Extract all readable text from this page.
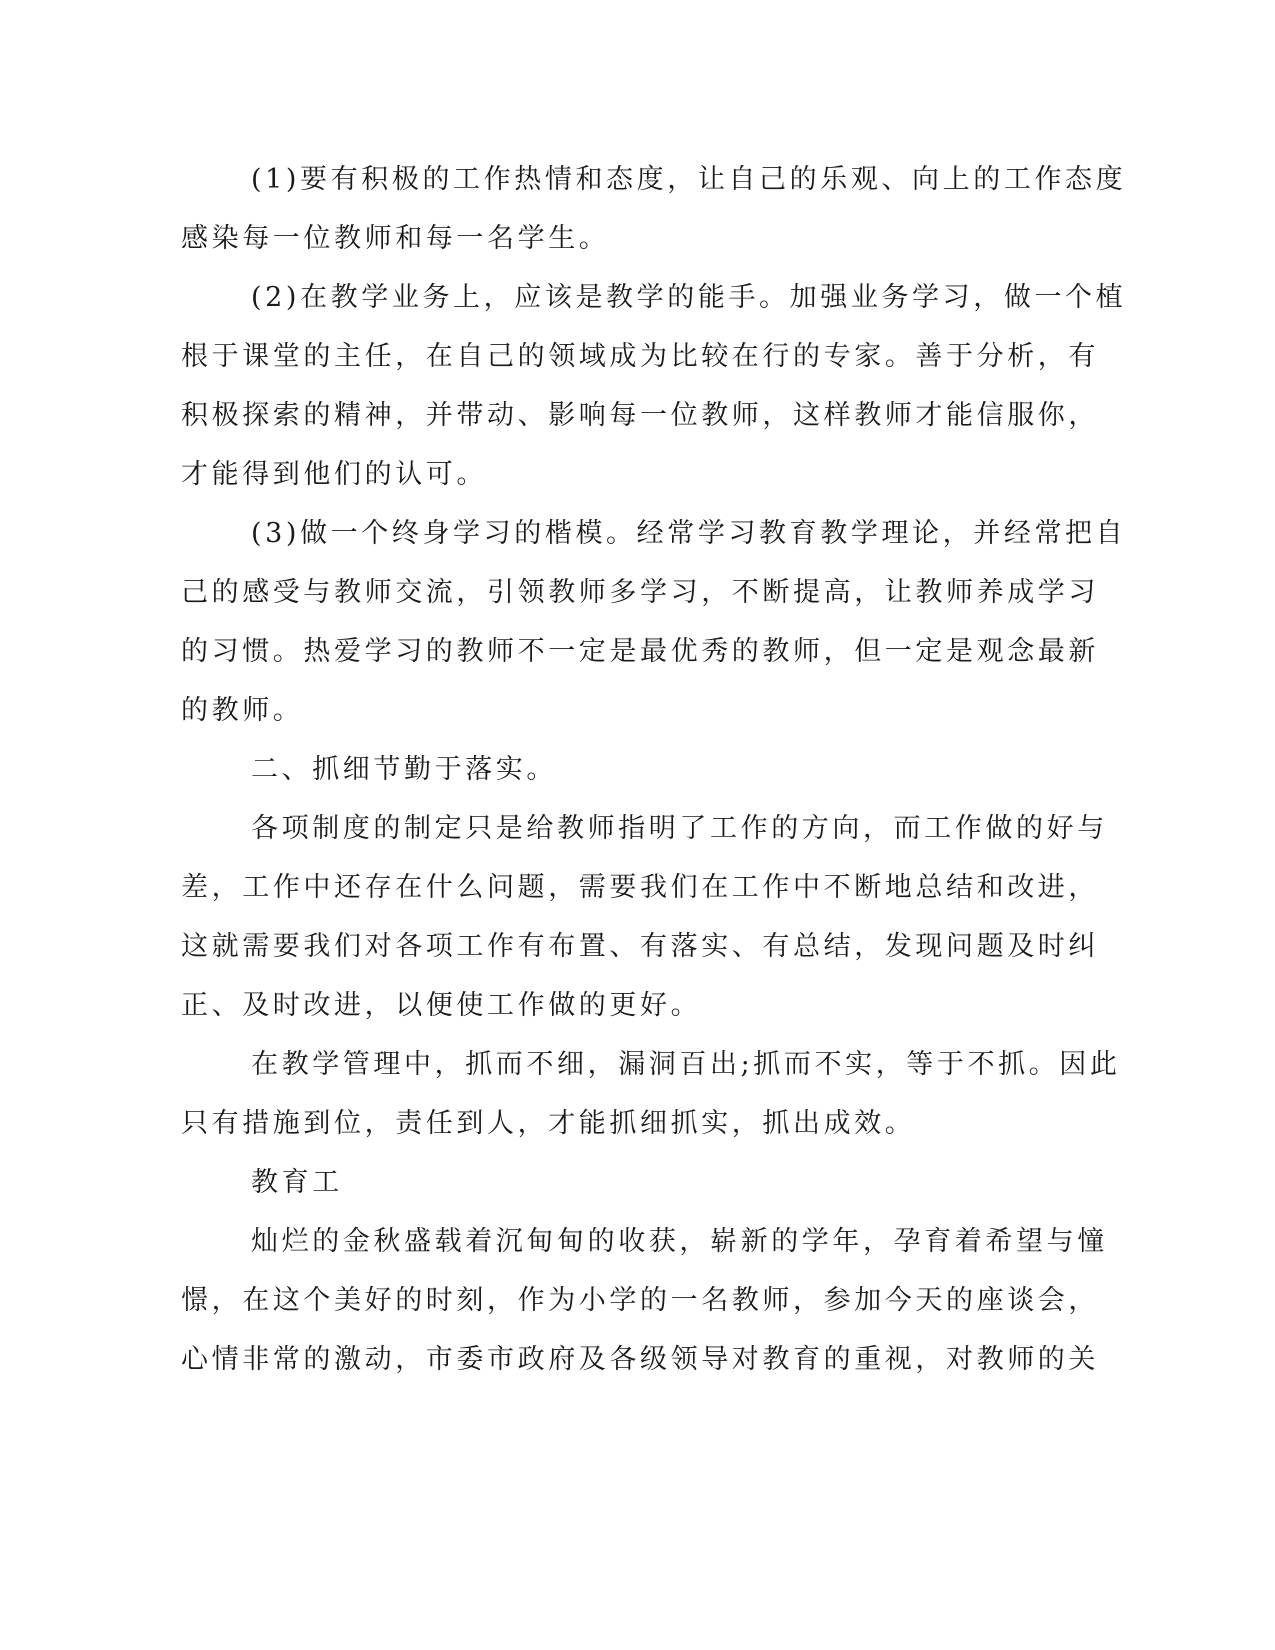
(1)要有积极的工作热情和态度，让自己的乐观、向上的工作态度
感染每一位教师和每一名学生。
(2)在教学业务上，应该是教学的能手。加强业务学习，做一个植
根于课堂的主任，在自己的领域成为比较在行的专家。善于分析，有
积极探索的精神，并带动、影响每一位教师，这样教师才能信服你，
才能得到他们的认可。
(3)做一个终身学习的楷模。经常学习教育教学理论，并经常把自
己的感受与教师交流，引领教师多学习，不断提高，让教师养成学习
的习惯。热爱学习的教师不一定是最优秀的教师，但一定是观念最新
的教师。
二、抓细节勤于落实。
各项制度的制定只是给教师指明了工作的方向，而工作做的好与
差，工作中还存在什么问题，需要我们在工作中不断地总结和改进，
这就需要我们对各项工作有布置、有落实、有总结，发现问题及时纠
正、及时改进，以便使工作做的更好。
在教学管理中，抓而不细，漏洞百出;抓而不实，等于不抓。因此
只有措施到位，责任到人，才能抓细抓实，抓出成效。
教育工
灿烂的金秋盛载着沉甸甸的收获，崭新的学年，孕育着希望与憧
憬，在这个美好的时刻，作为小学的一名教师，参加今天的座谈会，
心情非常的激动，市委市政府及各级领导对教育的重视，对教师的关
